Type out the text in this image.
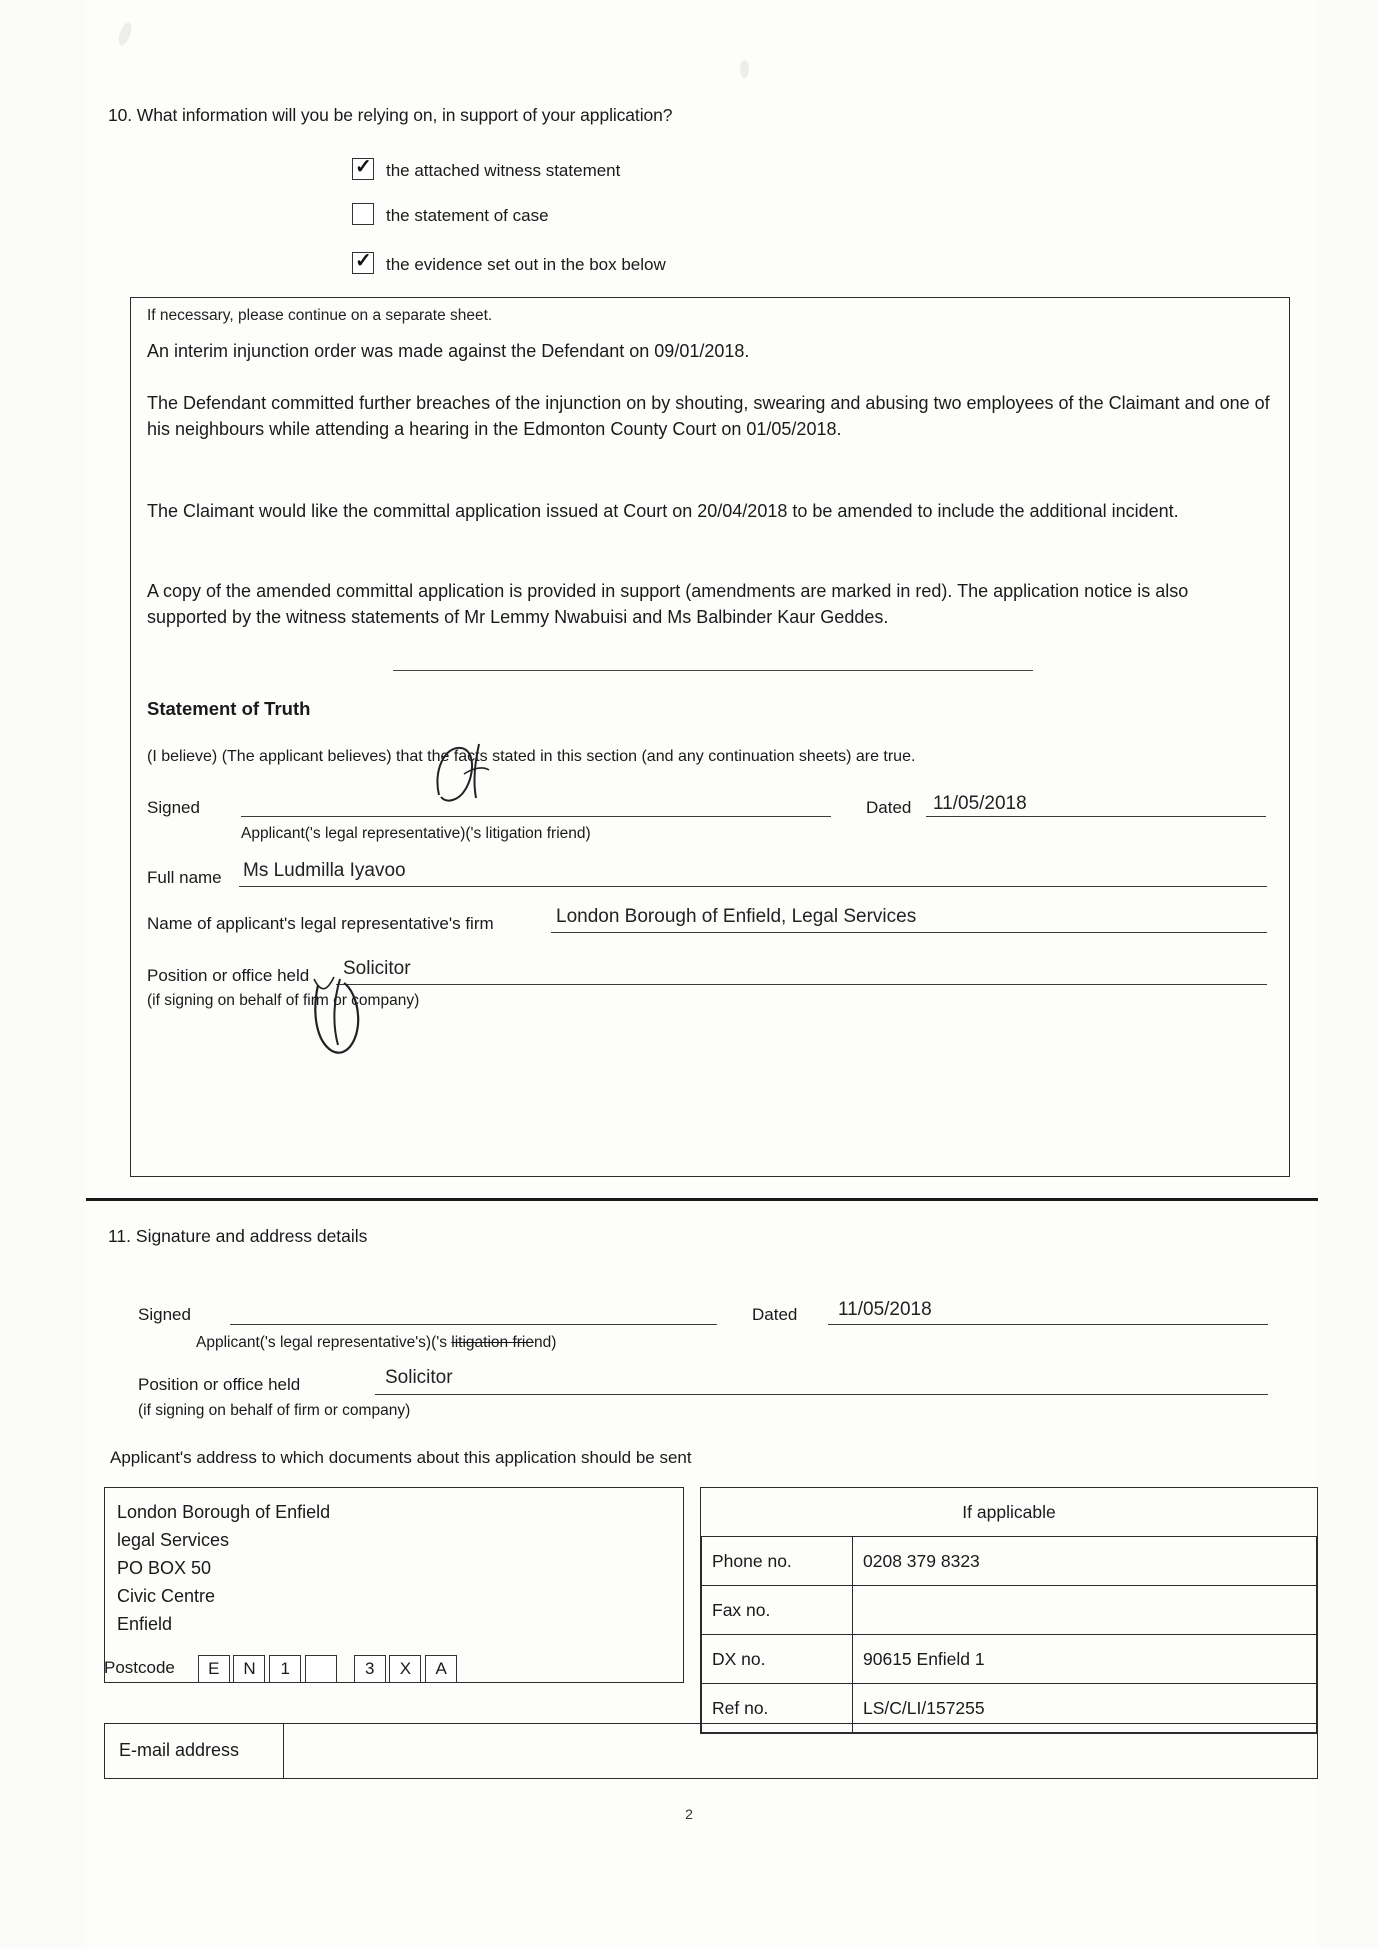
10. What information will you be relying on, in support of your application?
✓the attached witness statement
the statement of case
✓the evidence set out in the box below
If necessary, please continue on a separate sheet.
An interim injunction order was made against the Defendant on 09/01/2018.
The Defendant committed further breaches of the injunction on by shouting, swearing and abusing two employees of the Claimant and one of his neighbours while attending a hearing in the Edmonton County Court on 01/05/2018.
The Claimant would like the committal application issued at Court on 20/04/2018 to be amended to include the additional incident.
A copy of the amended committal application is provided in support (amendments are marked in red). The application notice is also supported by the witness statements of Mr Lemmy Nwabuisi and Ms Balbinder Kaur Geddes.
Statement of Truth
(I believe) (The applicant believes) that the facts stated in this section (and any continuation sheets) are true.
Signed
Applicant('s legal representative)('s litigation friend)
Dated 11/05/2018
Full name Ms Ludmilla Iyavoo
Name of applicant's legal representative's firm	London Borough of Enfield, Legal Services
Position or office held Solicitor
(if signing on behalf of firm or company)
11. Signature and address details
Signed
Applicant('s legal representative's)('s litigation friend)
Dated 11/05/2018
Position or office held	Solicitor
(if signing on behalf of firm or company)
Applicant's address to which documents about this application should be sent
London Borough of Enfield
legal Services
PO BOX 50
Civic Centre
Enfield
Postcode E N 1	3 X A
If applicable	
Phone no.	0208 379 8323
Fax no.	
DX no.	90615 Enfield 1
Ref no.	LS/C/LI/157255
E-mail address
2
